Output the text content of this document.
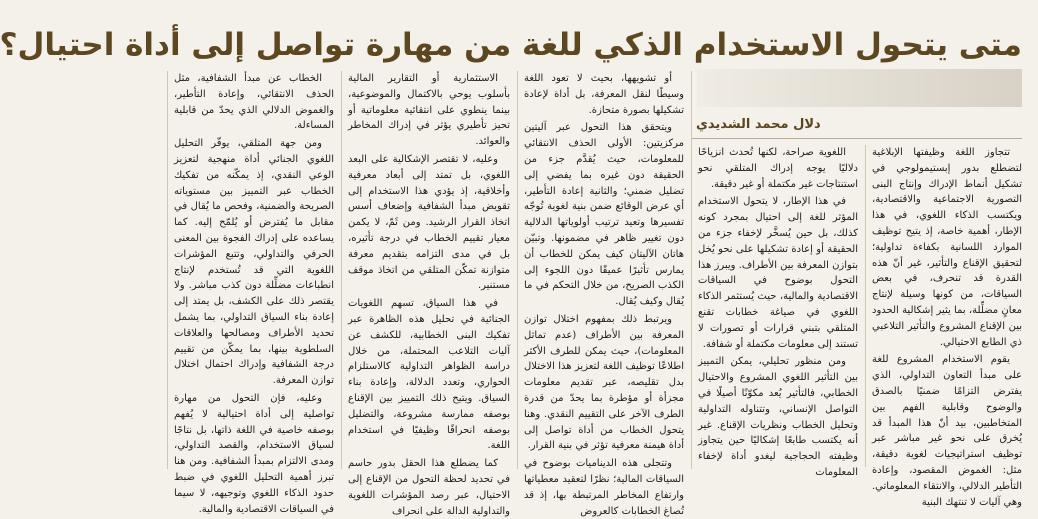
متى يتحول الاستخدام الذكي للغة من مهارة تواصل إلى أداة احتيال؟
دلال محمد الشديدي

تتجاوز اللغة وظيفتها الإبلاغية لتضطلع بدور إبستيمولوجي في تشكيل أنماط الإدراك وإنتاج البنى التصورية الاجتماعية والاقتصادية، ويكتسب الذكاء اللغوي، في هذا الإطار، أهمية خاصة، إذ يتيح توظيف الموارد اللسانية بكفاءة تداولية؛ لتحقيق الإقناع والتأثير، غير أنّ هذه القدرة قد تنحرف، في بعض السياقات، من كونها وسيلة لإنتاج معانٍ مضلِّلة، بما يثير إشكالية الحدود بين الإقناع المشروع والتأثير التلاعبي ذي الطابع الاحتيالي.

يقوم الاستخدام المشروع للغة على مبدأ التعاون التداولي، الذي يفترض التزامًا ضمنيًا بالصدق والوضوح وقابلية الفهم بين المتخاطبين، بيد أنّ هذا المبدأ قد يُخرق على نحو غير مباشر عبر توظيف استراتيجيات لغوية دقيقة، مثل: الغموض المقصود، وإعادة التأطير الدلالي، والانتقاء المعلوماتي. وهي آليات لا تنتهك البنية

اللغوية صراحة، لكنها تُحدث انزياحًا دلاليًا يوجه إدراك المتلقي نحو استنتاجات غير مكتملة أو غير دقيقة.

في هذا الإطار، لا يتحول الاستخدام المؤثر للغة إلى احتيال بمجرد كونه كذلك، بل حين يُسخَّر لإخفاء جزء من الحقيقة أو إعادة تشكيلها على نحو يُخل بتوازن المعرفة بين الأطراف. ويبرز هذا التحول بوضوح في السياقات الاقتصادية والمالية، حيث يُستثمر الذكاء اللغوي في صياغة خطابات تقنع المتلقي بتبني قرارات أو تصورات لا تستند إلى معلومات مكتملة أو شفافة.

ومن منظور تحليلي، يمكن التمييز بين التأثير اللغوي المشروع والاحتيال الخطابي، فالتأثير يُعد مكوّنًا أصيلًا في التواصل الإنساني، وتتناوله التداولية وتحليل الخطاب ونظريات الإقناع. غير أنه يكتسب طابعًا إشكاليًا حين يتجاوز وظيفته الحجاجية ليغدو أداة لإخفاء المعلومات

أو تشويهها، بحيث لا تعود اللغة وسيطًا لنقل المعرفة، بل أداة لإعادة تشكيلها بصورة متحازة.

ويتحقق هذا التحول عبر آليتين مركزيتين: الأولى الحذف الانتقائي للمعلومات، حيث يُقدَّم جزء من الحقيقة دون غيره بما يفضي إلى تضليل ضمني؛ والثانية إعادة التأطير، أي عرض الوقائع ضمن بنية لغوية تُوجّه تفسيرها وتعيد ترتيب أولوياتها الدلالية دون تغيير ظاهر في مضمونها. وتبيّن هاتان الآليتان كيف يمكن للخطاب أن يمارس تأثيرًا عميقًا دون اللجوء إلى الكذب الصريح، من خلال التحكم في ما يُقال وكيف يُقال.

ويرتبط ذلك بمفهوم اختلال توازن المعرفة بين الأطراف (عدم تماثل المعلومات)، حيث يمكن للطرف الأكثر اطلاعًا توظيف اللغة لتعزيز هذا الاختلال بدل تقليصه، عبر تقديم معلومات مجزأة أو مؤطرة بما يحدّ من قدرة الطرف الآخر على التقييم النقدي. وهنا يتحول الخطاب من أداة تواصل إلى أداة هيمنة معرفية تؤثر في بنية القرار.

وتتجلى هذه الديناميات بوضوح في السياقات المالية؛ نظرًا لتعقيد معطياتها وارتفاع المخاطر المرتبطة بها، إذ قد تُصاغ الخطابات كالعروض

الاستثمارية أو التقارير المالية بأسلوب يوحي بالاكتمال والموضوعية، بينما ينطوي على انتقائية معلوماتية أو تحيز تأطيري يؤثر في إدراك المخاطر والعوائد.

وعليه، لا تقتصر الإشكالية على البعد اللغوي، بل تمتد إلى أبعاد معرفية وأخلاقية، إذ يؤدي هذا الاستخدام إلى تقويض مبدأ الشفافية وإضعاف أسس اتخاذ القرار الرشيد. ومن ثَمّ، لا يكمن معيار تقييم الخطاب في درجة تأثيره، بل في مدى التزامه بتقديم معرفة متوازنة تمكّن المتلقي من اتخاذ موقف مستنير.

في هذا السياق، تسهم اللغويات الجنائية في تحليل هذه الظاهرة عبر تفكيك البنى الخطابية، للكشف عن آليات التلاعب المحتملة، من خلال دراسة الظواهر التداولية كالاستلزام الحواري، وتعدد الدلالة، وإعادة بناء السياق. ويتيح ذلك التمييز بين الإقناع بوصفه ممارسة مشروعة، والتضليل بوصفه انحرافًا وظيفيًا في استخدام اللغة.

كما يضطلع هذا الحقل بدور حاسم في تحديد لحظة التحول من الإقناع إلى الاحتيال، عبر رصد المؤشرات اللغوية والتداولية الدالة على انحراف

الخطاب عن مبدأ الشفافية، مثل الحذف الانتقائي، وإعادة التأطير، والغموض الدلالي الذي يحدّ من قابلية المساءلة.

ومن جهة المتلقي، يوفّر التحليل اللغوي الجنائي أداة منهجية لتعزيز الوعي النقدي، إذ يمكّنه من تفكيك الخطاب عبر التمييز بين مستوياته الصريحة والضمنية، وفحص ما يُقال في مقابل ما يُفترض أو يُلمّح إليه. كما يساعده على إدراك الفجوة بين المعنى الحرفي والتداولي، وتتبع المؤشرات اللغوية التي قد تُستخدم لإنتاج انطباعات مضلِّلة دون كذب مباشر. ولا يقتصر ذلك على الكشف، بل يمتد إلى إعادة بناء السياق التداولي، بما يشمل تحديد الأطراف ومصالحها والعلاقات السلطوية بينها، بما يمكّن من تقييم درجة الشفافية وإدراك احتمال اختلال توازن المعرفة.

وعليه، فإن التحول من مهارة تواصلية إلى أداة احتيالية لا يُفهم بوصفه خاصية في اللغة ذاتها، بل نتاجًا لسياق الاستخدام، والقصد التداولي، ومدى الالتزام بمبدأ الشفافية. ومن هنا تبرز أهمية التحليل اللغوي في ضبط حدود الذكاء اللغوي وتوجيهه، لا سيما في السياقات الاقتصادية والمالية.
